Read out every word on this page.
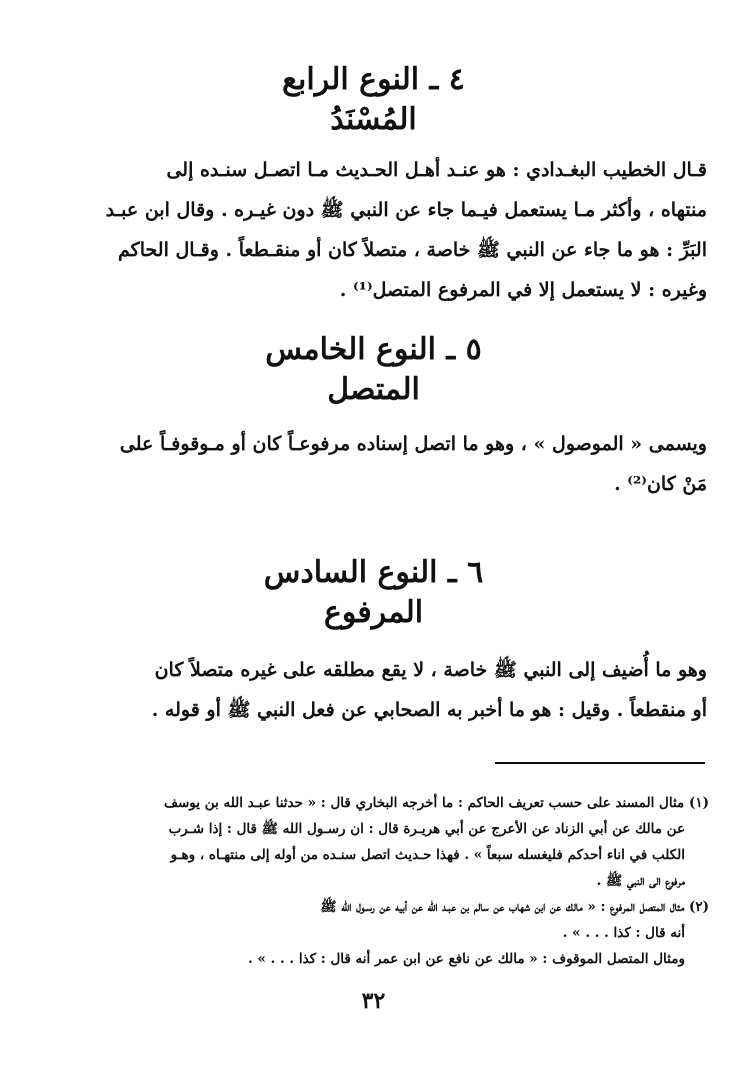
٤ ـ النوع الرابع
المُسْنَدُ
قـال الخطيب البغـدادي : هو عنـد أهـل الحـديث مـا اتصـل سنـده إلى
منتهاه ، وأكثر مـا يستعمل فيـما جاء عن النبي ﷺ دون غيـره . وقال ابن عبـد
البَرِّ : هو ما جاء عن النبي ﷺ خاصة ، متصلاً كان أو منقـطعاً . وقـال الحاكم
وغيره : لا يستعمل إلا في المرفوع المتصل⁽¹⁾ .
٥ ـ النوع الخامس
المتصل
ويسمى « الموصول » ، وهو ما اتصل إسناده مرفوعـاً كان أو مـوقوفـاً على
مَنْ كان⁽²⁾ .
٦ ـ النوع السادس
المرفوع
وهو ما أُضيف إلى النبي ﷺ خاصة ، لا يقع مطلقه على غيره متصلاً كان
أو منقطعاً . وقيل : هو ما أخبر به الصحابي عن فعل النبي ﷺ أو قوله .
(١) مثال المسند على حسب تعريف الحاكم : ما أخرجه البخاري قال : « حدثنا عبـد الله بن يوسف
عن مالك عن أبي الزناد عن الأعرج عن أبي هريـرة قال : ان رسـول الله ﷺ قال : إذا شـرب
الكلب في اناء أحدكم فليغسله سبعاً » . فهذا حـديث اتصل سنـده من أوله إلى منتهـاه ، وهـو
مرفوع الى النبي ﷺ .
(٢) مثال المتصل المرفوع : « مالك عن ابن شهاب عن سالم بن عبـد الله عن أبيه عن رسـول الله ﷺ
أنه قال : كذا . . . » .
ومثال المتصل الموقوف : « مالك عن نافع عن ابن عمر أنه قال : كذا . . . » .
٣٢
